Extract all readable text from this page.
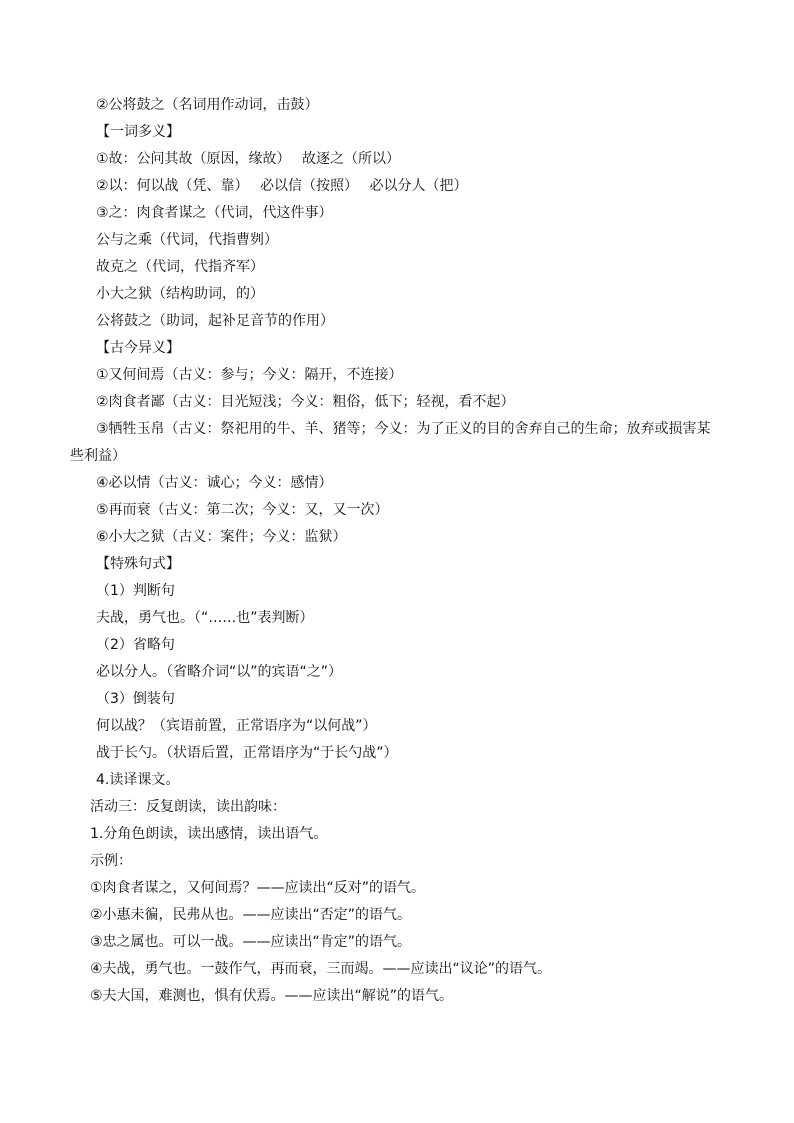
②公将鼓之（名词用作动词，击鼓）
【一词多义】
①故：公问其故（原因，缘故）　 故逐之（所以）
②以：何以战（凭、靠）　 必以信（按照）　 必以分人（把）
③之：肉食者谋之（代词，代这件事）
公与之乘（代词，代指曹刿）
故克之（代词，代指齐军）
小大之狱（结构助词，的）
公将鼓之（助词，起补足音节的作用）
【古今异义】
①又何间焉（古义：参与；今义：隔开，不连接）
②肉食者鄙（古义：目光短浅；今义：粗俗，低下；轻视，看不起）
③牺牲玉帛（古义：祭祀用的牛、羊、猪等；今义：为了正义的目的舍弃自己的生命；放弃或损害某
些利益）
④必以情（古义：诚心；今义：感情）
⑤再而衰（古义：第二次；今义：又，又一次）
⑥小大之狱（古义：案件；今义：监狱）
【特殊句式】
（1）判断句
夫战，勇气也。（“……也”表判断）
（2）省略句
必以分人。（省略介词“以”的宾语“之”）
（3）倒装句
何以战？（宾语前置，正常语序为“以何战”）
战于长勺。（状语后置，正常语序为“于长勺战”）
4.读译课文。
活动三：反复朗读，读出韵味：
1.分角色朗读，读出感情，读出语气。
示例：
①肉食者谋之，又何间焉？——应读出“反对”的语气。
②小惠未徧，民弗从也。——应读出“否定”的语气。
③忠之属也。可以一战。——应读出“肯定”的语气。
④夫战，勇气也。一鼓作气，再而衰，三而竭。——应读出“议论”的语气。
⑤夫大国，难测也，惧有伏焉。——应读出“解说”的语气。
